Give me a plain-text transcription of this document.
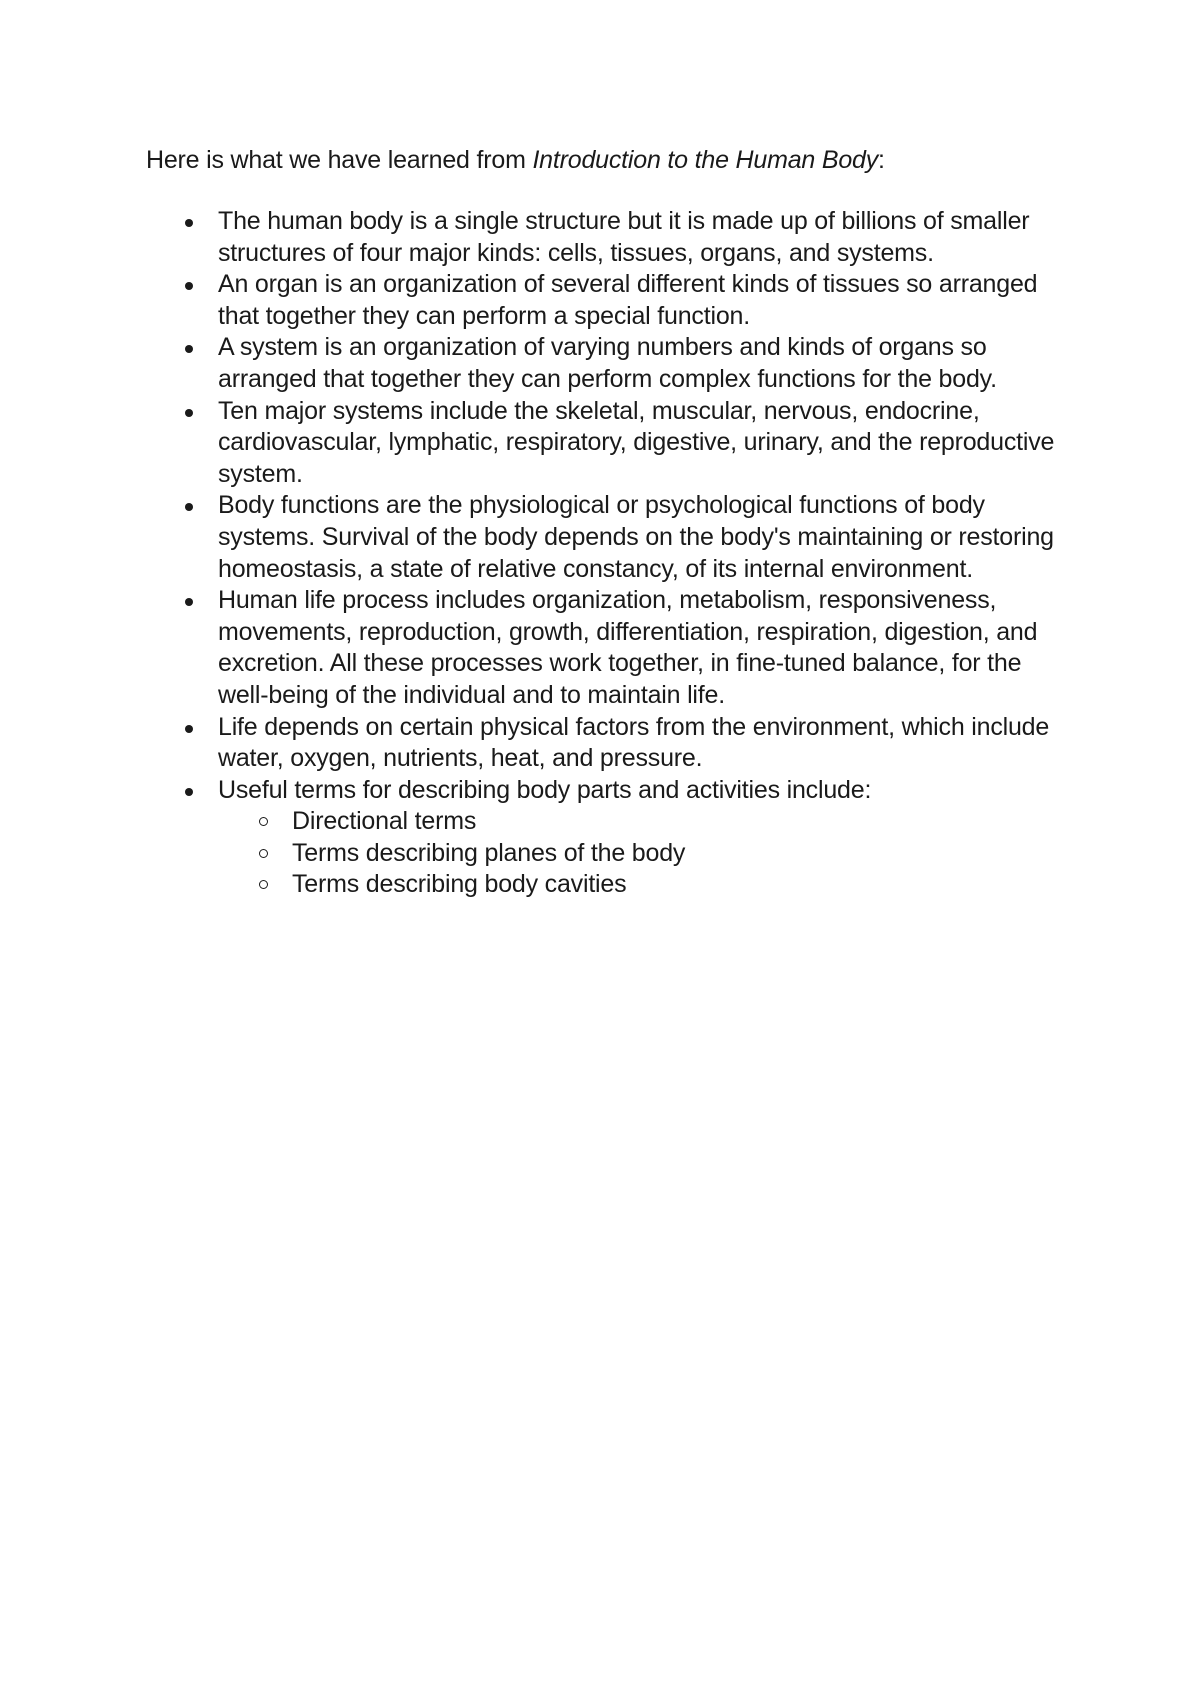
Here is what we have learned from Introduction to the Human Body:

The human body is a single structure but it is made up of billions of smaller structures of four major kinds: cells, tissues, organs, and systems.
An organ is an organization of several different kinds of tissues so arranged that together they can perform a special function.
A system is an organization of varying numbers and kinds of organs so arranged that together they can perform complex functions for the body.
Ten major systems include the skeletal, muscular, nervous, endocrine, cardiovascular, lymphatic, respiratory, digestive, urinary, and the reproductive system.
Body functions are the physiological or psychological functions of body systems. Survival of the body depends on the body's maintaining or restoring homeostasis, a state of relative constancy, of its internal environment.
Human life process includes organization, metabolism, responsiveness, movements, reproduction, growth, differentiation, respiration, digestion, and excretion. All these processes work together, in fine-tuned balance, for the well-being of the individual and to maintain life.
Life depends on certain physical factors from the environment, which include water, oxygen, nutrients, heat, and pressure.
Useful terms for describing body parts and activities include:
Directional terms
Terms describing planes of the body
Terms describing body cavities
